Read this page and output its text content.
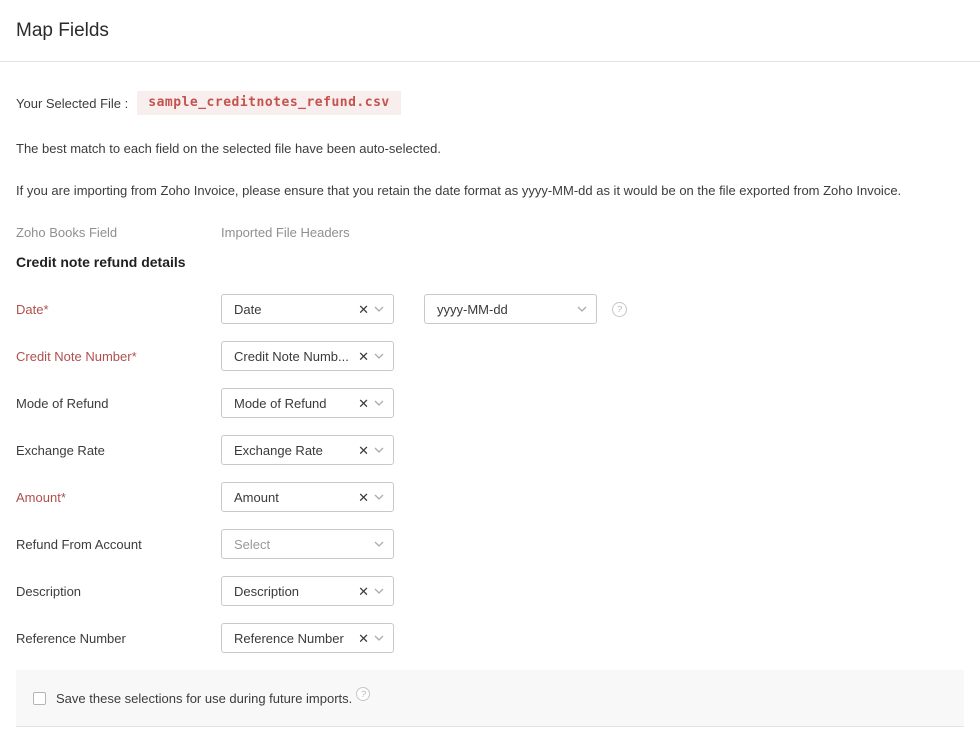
Map Fields
Your Selected File :	sample_creditnotes_refund.csv

The best match to each field on the selected file have been auto-selected.

If you are importing from Zoho Invoice, please ensure that you retain the date format as yyyy-MM-dd as it would be on the file exported from Zoho Invoice.

Zoho Books Field	Imported File Headers
Credit note refund details
Date*	Date	✕	yyyy-MM-dd	?
Credit Note Number*	Credit Note Numb... ✕
Mode of Refund	Mode of Refund	✕
Exchange Rate	Exchange Rate	✕
Amount*	Amount	✕
Refund From Account	Select
Description	Description	✕
Reference Number	Reference Number	✕
Save these selections for use during future imports. ?
